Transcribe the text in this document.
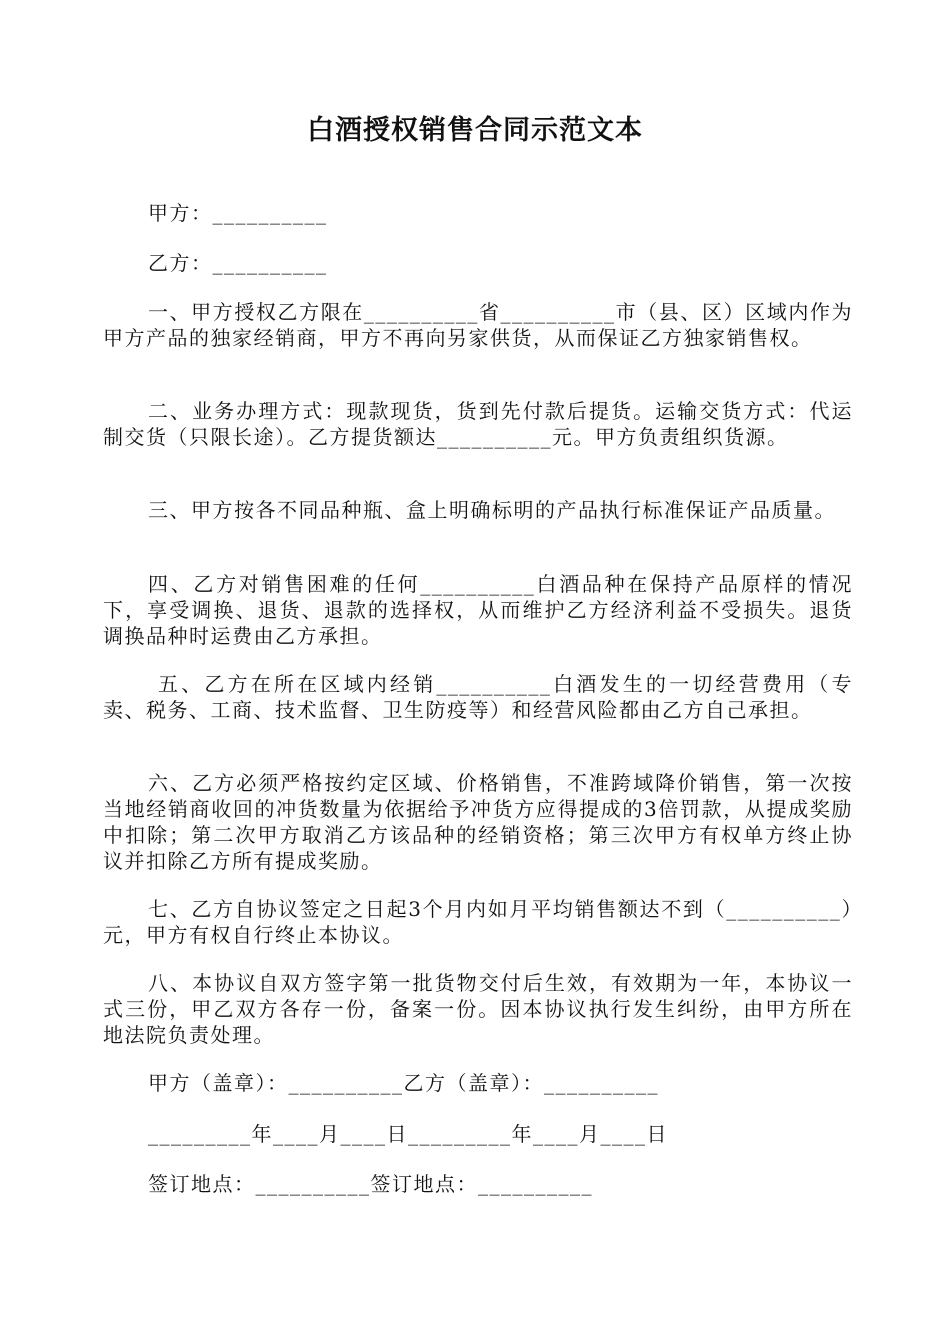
白酒授权销售合同示范文本
甲方：__________
乙方：__________
一、甲方授权乙方限在__________省__________市（县、区）区域内作为甲方产品的独家经销商，甲方不再向另家供货，从而保证乙方独家销售权。
二、业务办理方式：现款现货，货到先付款后提货。运输交货方式：代运制交货（只限长途）。乙方提货额达__________元。甲方负责组织货源。
三、甲方按各不同品种瓶、盒上明确标明的产品执行标准保证产品质量。
四、乙方对销售困难的任何__________白酒品种在保持产品原样的情况下，享受调换、退货、退款的选择权，从而维护乙方经济利益不受损失。退货调换品种时运费由乙方承担。
五、乙方在所在区域内经销__________白酒发生的一切经营费用（专卖、税务、工商、技术监督、卫生防疫等）和经营风险都由乙方自己承担。
六、乙方必须严格按约定区域、价格销售，不准跨域降价销售，第一次按当地经销商收回的冲货数量为依据给予冲货方应得提成的3倍罚款，从提成奖励中扣除；第二次甲方取消乙方该品种的经销资格；第三次甲方有权单方终止协议并扣除乙方所有提成奖励。
七、乙方自协议签定之日起3个月内如月平均销售额达不到（__________）元，甲方有权自行终止本协议。
八、本协议自双方签字第一批货物交付后生效，有效期为一年，本协议一式三份，甲乙双方各存一份，备案一份。因本协议执行发生纠纷，由甲方所在地法院负责处理。
甲方（盖章）：__________乙方（盖章）：__________
_________年____月____日_________年____月____日
签订地点：__________签订地点：__________
